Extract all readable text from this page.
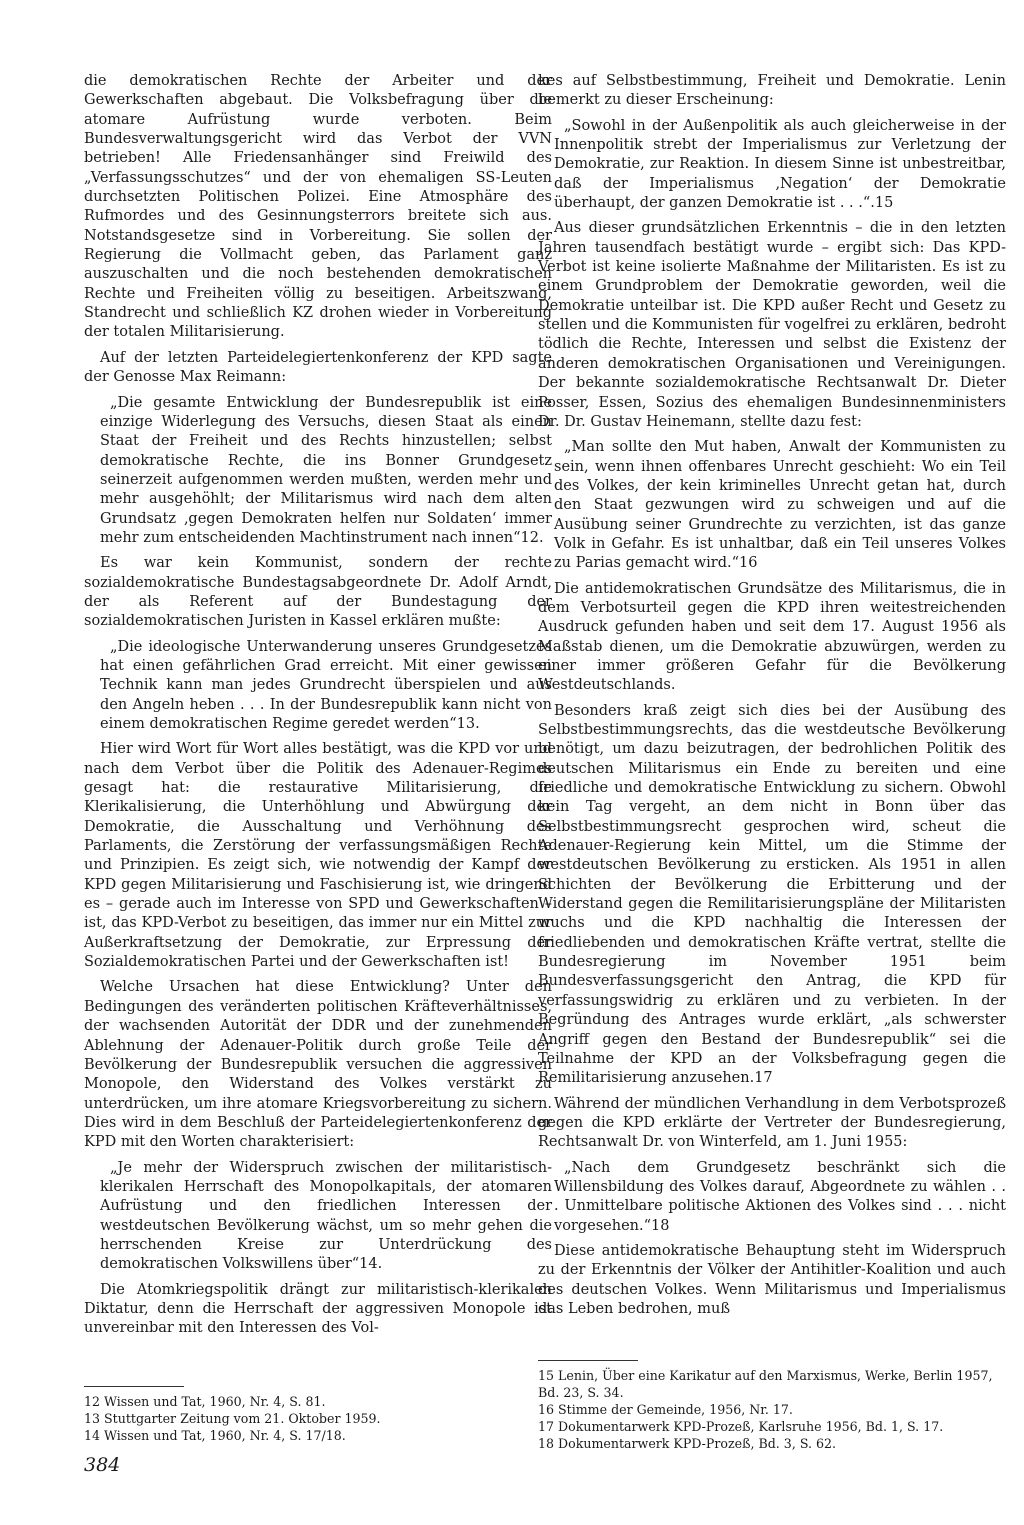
die demokratischen Rechte der Arbeiter und der Gewerkschaften abgebaut. Die Volksbefragung über die atomare Aufrüstung wurde verboten. Beim Bundesverwaltungsgericht wird das Verbot der VVN betrieben! Alle Friedensanhänger sind Freiwild des „Verfassungsschutzes“ und der von ehemaligen SS-Leuten durchsetzten Politischen Polizei. Eine Atmosphäre des Rufmordes und des Gesinnungsterrors breitete sich aus. Notstandsgesetze sind in Vorbereitung. Sie sollen der Regierung die Vollmacht geben, das Parlament ganz auszuschalten und die noch bestehenden demokratischen Rechte und Freiheiten völlig zu beseitigen. Arbeitszwang, Standrecht und schließlich KZ drohen wieder in Vorbereitung der totalen Militarisierung.

Auf der letzten Parteidelegiertenkonferenz der KPD sagte der Genosse Max Reimann:

„Die gesamte Entwicklung der Bundesrepublik ist eine einzige Widerlegung des Versuchs, diesen Staat als einen Staat der Freiheit und des Rechts hinzustellen; selbst demokratische Rechte, die ins Bonner Grundgesetz seinerzeit aufgenommen werden mußten, werden mehr und mehr ausgehöhlt; der Militarismus wird nach dem alten Grundsatz ‚gegen Demokraten helfen nur Soldaten‘ immer mehr zum entscheidenden Machtinstrument nach innen“12.

Es war kein Kommunist, sondern der rechte sozialdemokratische Bundestagsabgeordnete Dr. Adolf Arndt, der als Referent auf der Bundestagung der sozialdemokratischen Juristen in Kassel erklären mußte:

„Die ideologische Unterwanderung unseres Grundgesetzes hat einen gefährlichen Grad erreicht. Mit einer gewissen Technik kann man jedes Grundrecht überspielen und aus den Angeln heben . . . In der Bundesrepublik kann nicht von einem demokratischen Regime geredet werden“13.

Hier wird Wort für Wort alles bestätigt, was die KPD vor und nach dem Verbot über die Politik des Adenauer-Regimes gesagt hat: die restaurative Militarisierung, die Klerikalisierung, die Unterhöhlung und Abwürgung der Demokratie, die Ausschaltung und Verhöhnung des Parlaments, die Zerstörung der verfassungsmäßigen Rechte und Prinzipien. Es zeigt sich, wie notwendig der Kampf der KPD gegen Militarisierung und Faschisierung ist, wie dringend es – gerade auch im Interesse von SPD und Gewerkschaften – ist, das KPD-Verbot zu beseitigen, das immer nur ein Mittel zur Außerkraftsetzung der Demokratie, zur Erpressung der Sozialdemokratischen Partei und der Gewerkschaften ist!

Welche Ursachen hat diese Entwicklung? Unter den Bedingungen des veränderten politischen Kräfteverhältnisses, der wachsenden Autorität der DDR und der zunehmenden Ablehnung der Adenauer-Politik durch große Teile der Bevölkerung der Bundesrepublik versuchen die aggressiven Monopole, den Widerstand des Volkes verstärkt zu unterdrücken, um ihre atomare Kriegsvorbereitung zu sichern. Dies wird in dem Beschluß der Parteidelegiertenkonferenz der KPD mit den Worten charakterisiert:

„Je mehr der Widerspruch zwischen der militaristisch-klerikalen Herrschaft des Monopolkapitals, der atomaren Aufrüstung und den friedlichen Interessen der westdeutschen Bevölkerung wächst, um so mehr gehen die herrschenden Kreise zur Unterdrückung des demokratischen Volkswillens über“14.

Die Atomkriegspolitik drängt zur militaristisch-klerikalen Diktatur, denn die Herrschaft der aggressiven Monopole ist unvereinbar mit den Interessen des Vol-

kes auf Selbstbestimmung, Freiheit und Demokratie. Lenin bemerkt zu dieser Erscheinung:

„Sowohl in der Außenpolitik als auch gleicherweise in der Innenpolitik strebt der Imperialismus zur Verletzung der Demokratie, zur Reaktion. In diesem Sinne ist unbestreitbar, daß der Imperialismus ‚Negation‘ der Demokratie überhaupt, der ganzen Demokratie ist . . .“.15

Aus dieser grundsätzlichen Erkenntnis – die in den letzten Jahren tausendfach bestätigt wurde – ergibt sich: Das KPD-Verbot ist keine isolierte Maßnahme der Militaristen. Es ist zu einem Grundproblem der Demokratie geworden, weil die Demokratie unteilbar ist. Die KPD außer Recht und Gesetz zu stellen und die Kommunisten für vogelfrei zu erklären, bedroht tödlich die Rechte, Interessen und selbst die Existenz der anderen demokratischen Organisationen und Vereinigungen. Der bekannte sozialdemokratische Rechtsanwalt Dr. Dieter Posser, Essen, Sozius des ehemaligen Bundesinnenministers Dr. Dr. Gustav Heinemann, stellte dazu fest:

„Man sollte den Mut haben, Anwalt der Kommunisten zu sein, wenn ihnen offenbares Unrecht geschieht: Wo ein Teil des Volkes, der kein kriminelles Unrecht getan hat, durch den Staat gezwungen wird zu schweigen und auf die Ausübung seiner Grundrechte zu verzichten, ist das ganze Volk in Gefahr. Es ist unhaltbar, daß ein Teil unseres Volkes zu Parias gemacht wird.“16

Die antidemokratischen Grundsätze des Militarismus, die in dem Verbotsurteil gegen die KPD ihren weitestreichenden Ausdruck gefunden haben und seit dem 17. August 1956 als Maßstab dienen, um die Demokratie abzuwürgen, werden zu einer immer größeren Gefahr für die Bevölkerung Westdeutschlands.

Besonders kraß zeigt sich dies bei der Ausübung des Selbstbestimmungsrechts, das die westdeutsche Bevölkerung benötigt, um dazu beizutragen, der bedrohlichen Politik des deutschen Militarismus ein Ende zu bereiten und eine friedliche und demokratische Entwicklung zu sichern. Obwohl kein Tag vergeht, an dem nicht in Bonn über das Selbstbestimmungsrecht gesprochen wird, scheut die Adenauer-Regierung kein Mittel, um die Stimme der westdeutschen Bevölkerung zu ersticken. Als 1951 in allen Schichten der Bevölkerung die Erbitterung und der Widerstand gegen die Remilitarisierungspläne der Militaristen wuchs und die KPD nachhaltig die Interessen der friedliebenden und demokratischen Kräfte vertrat, stellte die Bundesregierung im November 1951 beim Bundesverfassungsgericht den Antrag, die KPD für verfassungswidrig zu erklären und zu verbieten. In der Begründung des Antrages wurde erklärt, „als schwerster Angriff gegen den Bestand der Bundesrepublik“ sei die Teilnahme der KPD an der Volksbefragung gegen die Remilitarisierung anzusehen.17

Während der mündlichen Verhandlung in dem Verbotsprozeß gegen die KPD erklärte der Vertreter der Bundesregierung, Rechtsanwalt Dr. von Winterfeld, am 1. Juni 1955:

„Nach dem Grundgesetz beschränkt sich die Willensbildung des Volkes darauf, Abgeordnete zu wählen . . . Unmittelbare politische Aktionen des Volkes sind . . . nicht vorgesehen.“18

Diese antidemokratische Behauptung steht im Widerspruch zu der Erkenntnis der Völker der Antihitler-Koalition und auch des deutschen Volkes. Wenn Militarismus und Imperialismus das Leben bedrohen, muß

15 Lenin, Über eine Karikatur auf den Marxismus, Werke, Berlin 1957, Bd. 23, S. 34.
16 Stimme der Gemeinde, 1956, Nr. 17.
17 Dokumentarwerk KPD-Prozeß, Karlsruhe 1956, Bd. 1, S. 17.
18 Dokumentarwerk KPD-Prozeß, Bd. 3, S. 62.
12 Wissen und Tat, 1960, Nr. 4, S. 81.
13 Stuttgarter Zeitung vom 21. Oktober 1959.
14 Wissen und Tat, 1960, Nr. 4, S. 17/18.
384
